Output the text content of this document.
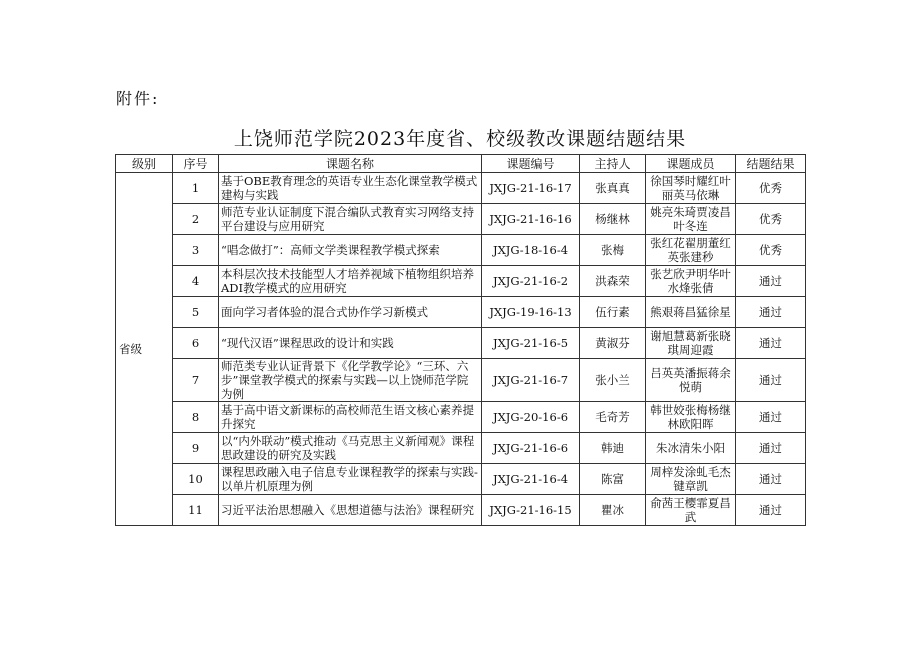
附件:
上饶师范学院2023年度省、校级教改课题结题结果
级别	序号	课题名称	课题编号	主持人	课题成员	结题结果
省级	1	基于OBE教育理念的英语专业生态化课堂教学模式建构与实践	JXJG-21-16-17	张真真	徐国琴时耀红叶丽英马依琳	优秀
	2	师范专业认证制度下混合编队式教育实习网络支持平台建设与应用研究	JXJG-21-16-16	杨继林	姚亮朱琦贾凌昌叶冬连	优秀
	3	“唱念做打”：高师文学类课程教学模式探索	JXJG-18-16-4	张梅	张红花翟朋董红英张建秒	优秀
	4	本科层次技术技能型人才培养视域下植物组织培养ADI教学模式的应用研究	JXJG-21-16-2	洪森荣	张艺欣尹明华叶水烽张倩	通过
	5	面向学习者体验的混合式协作学习新模式	JXJG-19-16-13	伍行素	熊艰蒋昌猛徐星	通过
	6	“现代汉语”课程思政的设计和实践	JXJG-21-16-5	黄淑芬	谢旭慧葛新张晓琪周迎霞	通过
	7	师范类专业认证背景下《化学教学论》“三环、六步”课堂教学模式的探索与实践—以上饶师范学院为例	JXJG-21-16-7	张小兰	吕英英潘振蒋余悦萌	通过
	8	基于高中语文新课标的高校师范生语文核心素养提升探究	JXJG-20-16-6	毛奇芳	韩世姣张梅杨继林欧阳晖	通过
	9	以“内外联动”模式推动《马克思主义新闻观》课程思政建设的研究及实践	JXJG-21-16-6	韩迪	朱冰清朱小阳	通过
	10	课程思政融入电子信息专业课程教学的探索与实践-以单片机原理为例	JXJG-21-16-4	陈富	周梓发涂虬毛杰键章凯	通过
	11	习近平法治思想融入《思想道德与法治》课程研究	JXJG-21-16-15	瞿冰	俞茜王樱霏夏昌武	通过
